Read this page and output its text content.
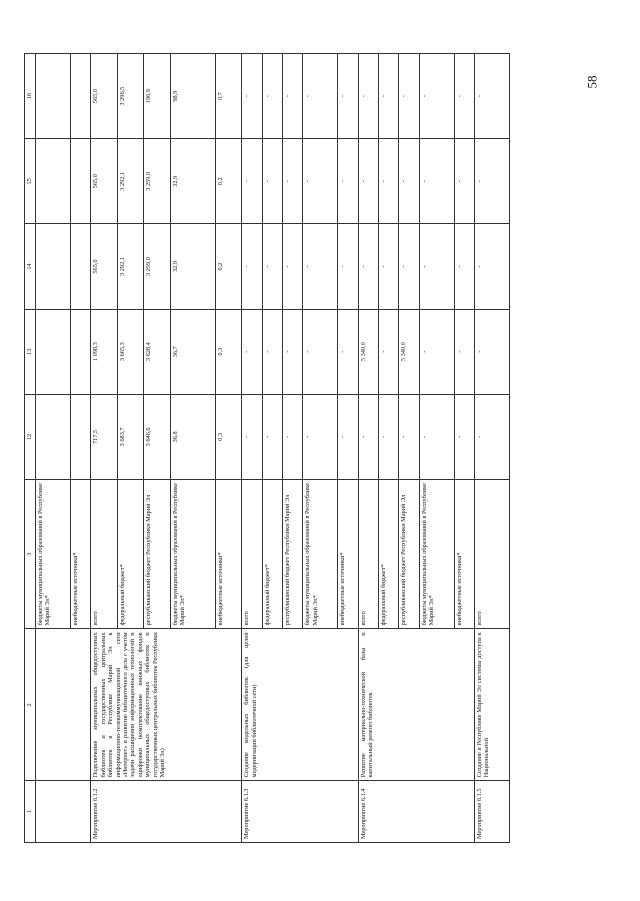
58
1	2	3	12	13	14	15	16
		бюджеты муниципальных образований в Республике Марий Эл*					
		внебюджетные источники*					
Мероприятие 6.1.2	Подключение муниципальных общедоступных библиотек и государственных центральных библиотек в Республике Марий Эл к информационно-телекоммуникационной сети «Интернет» и развитие библиотечного дела с учетом задачи расширения информационных технологий и оцифровки (комплектование книжных фондов муниципальных общедоступных библиотек и государственных центральных библиотек Республики Марий Эл)	всего	717,5	1 098,3	565,0	565,0	565,0
		федеральный бюджет*	3 683,7	3 665,3	3 292,1	3 292,1	3 296,5
		республиканский бюджет Республики Марий Эл	3 646,6	3 628,4	3 259,0	3 259,0	196,9
		бюджеты муниципальных образований в Республике Марий Эл*	36,8	36,7	32,9	32,9	98,9
		внебюджетные источники*	0,3	0,3	0,2	0,2	0,7
Мероприятие 6.1.3	Создание модельных библиотек (для целей модернизации библиотечной сети)	всего	-	-	-	-	-
		федеральный бюджет*	-	-	-	-	-
		республиканский бюджет Республики Марий Эл	-	-	-	-	-
		бюджеты муниципальных образований в Республике Марий Эл*	-	-	-	-	-
		внебюджетные источники*	-	-	-	-	-
Мероприятие 6.1.4	Развитие материально-технической базы и капитальный ремонт библиотек	всего	-	5 340,0	-	-	-
		федеральный бюджет*	-	-	-	-	-
		республиканский бюджет Республики Марий Эл	-	5 340,0	-	-	-
		бюджеты муниципальных образований в Республике Марий Эл*	-	-	-	-	-
		внебюджетные источники*	-	-	-	-	-
Мероприятие 6.1.5	Создание в Республике Марий Эл системы доступа к Национальной	всего	-	-	-	-	-
